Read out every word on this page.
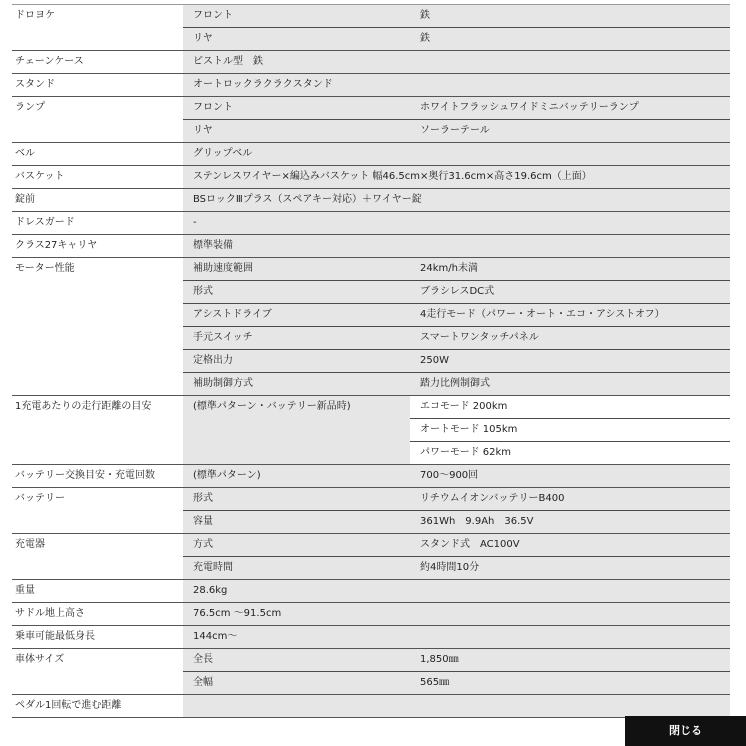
ドロヨケ	フロント	鉄
リヤ	鉄
チェーンケース	ピストル型　鉄
スタンド	オートロックラクラクスタンド
ランプ	フロント	ホワイトフラッシュワイドミニバッテリーランプ
リヤ	ソーラーテール
ベル	グリップベル
バスケット	ステンレスワイヤー×編込みバスケット 幅46.5cm×奥行31.6cm×高さ19.6cm（上面）
錠前	BSロックⅢプラス（スペアキー対応）＋ワイヤー錠
ドレスガード	-
クラス27キャリヤ	標準装備
モーター性能	補助速度範囲	24km/h未満
形式	ブラシレスDC式
アシストドライブ	4走行モード（パワー・オート・エコ・アシストオフ）
手元スイッチ	スマートワンタッチパネル
定格出力	250W
補助制御方式	踏力比例制御式
1充電あたりの走行距離の目安	(標準パターン・バッテリー新品時)	エコモード 200km
オートモード 105km
パワーモード 62km
バッテリー交換目安・充電回数	(標準パターン)	700〜900回
バッテリー	形式	リチウムイオンバッテリーB400
容量	361Wh　9.9Ah　36.5V
充電器	方式	スタンド式　AC100V
充電時間	約4時間10分
重量	28.6kg
サドル地上高さ	76.5cm 〜91.5cm
乗車可能最低身長	144cm〜
車体サイズ	全長	1,850㎜
全幅	565㎜
ペダル1回転で進む距離
閉じる
